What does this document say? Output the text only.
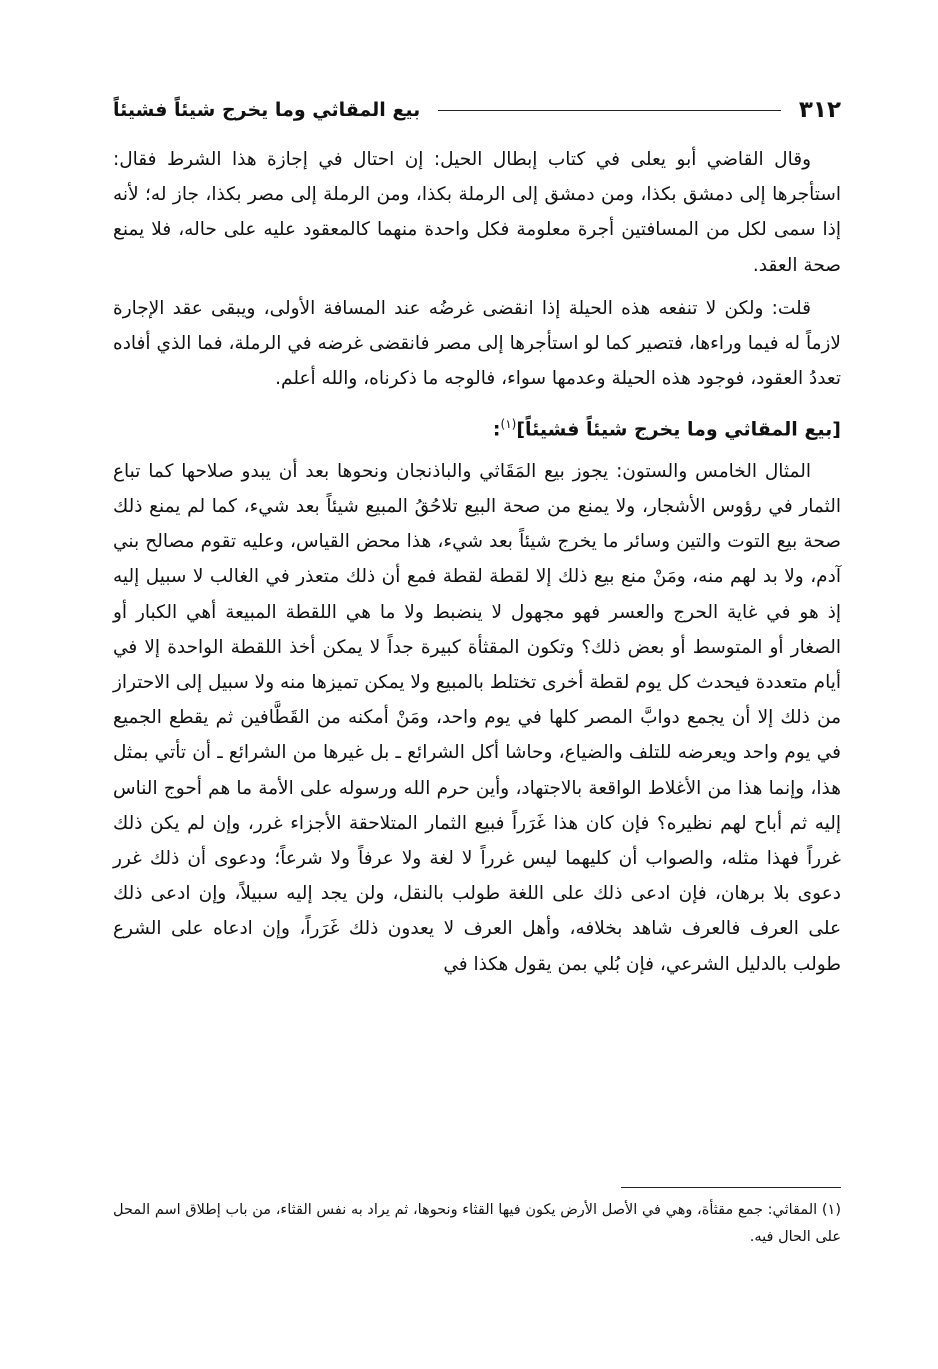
٣١٢
بيع المقاثي وما يخرج شيئاً فشيئاً

وقال القاضي أبو يعلى في كتاب إبطال الحيل: إن احتال في إجازة هذا الشرط فقال: استأجرها إلى دمشق بكذا، ومن دمشق إلى الرملة بكذا، ومن الرملة إلى مصر بكذا، جاز له؛ لأنه إذا سمى لكل من المسافتين أجرة معلومة فكل واحدة منهما كالمعقود عليه على حاله، فلا يمنع صحة العقد.

قلت: ولكن لا تنفعه هذه الحيلة إذا انقضى غرضُه عند المسافة الأولى، ويبقى عقد الإجارة لازماً له فيما وراءها، فتصير كما لو استأجرها إلى مصر فانقضى غرضه في الرملة، فما الذي أفاده تعددُ العقود، فوجود هذه الحيلة وعدمها سواء، فالوجه ما ذكرناه، والله أعلم.

[بيع المقاثي وما يخرج شيئاً فشيئاً]$^{(١)}$:

المثال الخامس والستون: يجوز بيع المَقَاثي والباذنجان ونحوها بعد أن يبدو صلاحها كما تباع الثمار في رؤوس الأشجار، ولا يمنع من صحة البيع تلاحُقُ المبيع شيئاً بعد شيء، كما لم يمنع ذلك صحة بيع التوت والتين وسائر ما يخرج شيئاً بعد شيء، هذا محض القياس، وعليه تقوم مصالح بني آدم، ولا بد لهم منه، ومَنْ منع بيع ذلك إلا لقطة لقطة فمع أن ذلك متعذر في الغالب لا سبيل إليه إذ هو في غاية الحرج والعسر فهو مجهول لا ينضبط ولا ما هي اللقطة المبيعة أهي الكبار أو الصغار أو المتوسط أو بعض ذلك؟ وتكون المقثأة كبيرة جداً لا يمكن أخذ اللقطة الواحدة إلا في أيام متعددة فيحدث كل يوم لقطة أخرى تختلط بالمبيع ولا يمكن تميزها منه ولا سبيل إلى الاحتراز من ذلك إلا أن يجمع دوابَّ المصر كلها في يوم واحد، ومَنْ أمكنه من القَطَّافين ثم يقطع الجميع في يوم واحد ويعرضه للتلف والضياع، وحاشا أكل الشرائع ـ بل غيرها من الشرائع ـ أن تأتي بمثل هذا، وإنما هذا من الأغلاط الواقعة بالاجتهاد، وأين حرم الله ورسوله على الأمة ما هم أحوج الناس إليه ثم أباح لهم نظيره؟ فإن كان هذا غَرَراً فبيع الثمار المتلاحقة الأجزاء غرر، وإن لم يكن ذلك غرراً فهذا مثله، والصواب أن كليهما ليس غرراً لا لغة ولا عرفاً ولا شرعاً؛ ودعوى أن ذلك غرر دعوى بلا برهان، فإن ادعى ذلك على اللغة طولب بالنقل، ولن يجد إليه سبيلاً، وإن ادعى ذلك على العرف فالعرف شاهد بخلافه، وأهل العرف لا يعدون ذلك غَرَراً، وإن ادعاه على الشرع طولب بالدليل الشرعي، فإن بُلي بمن يقول هكذا في

(١) المقاثي: جمع مقثأة، وهي في الأصل الأرض يكون فيها القثاء ونحوها، ثم يراد به نفس القثاء، من باب إطلاق اسم المحل على الحال فيه.
